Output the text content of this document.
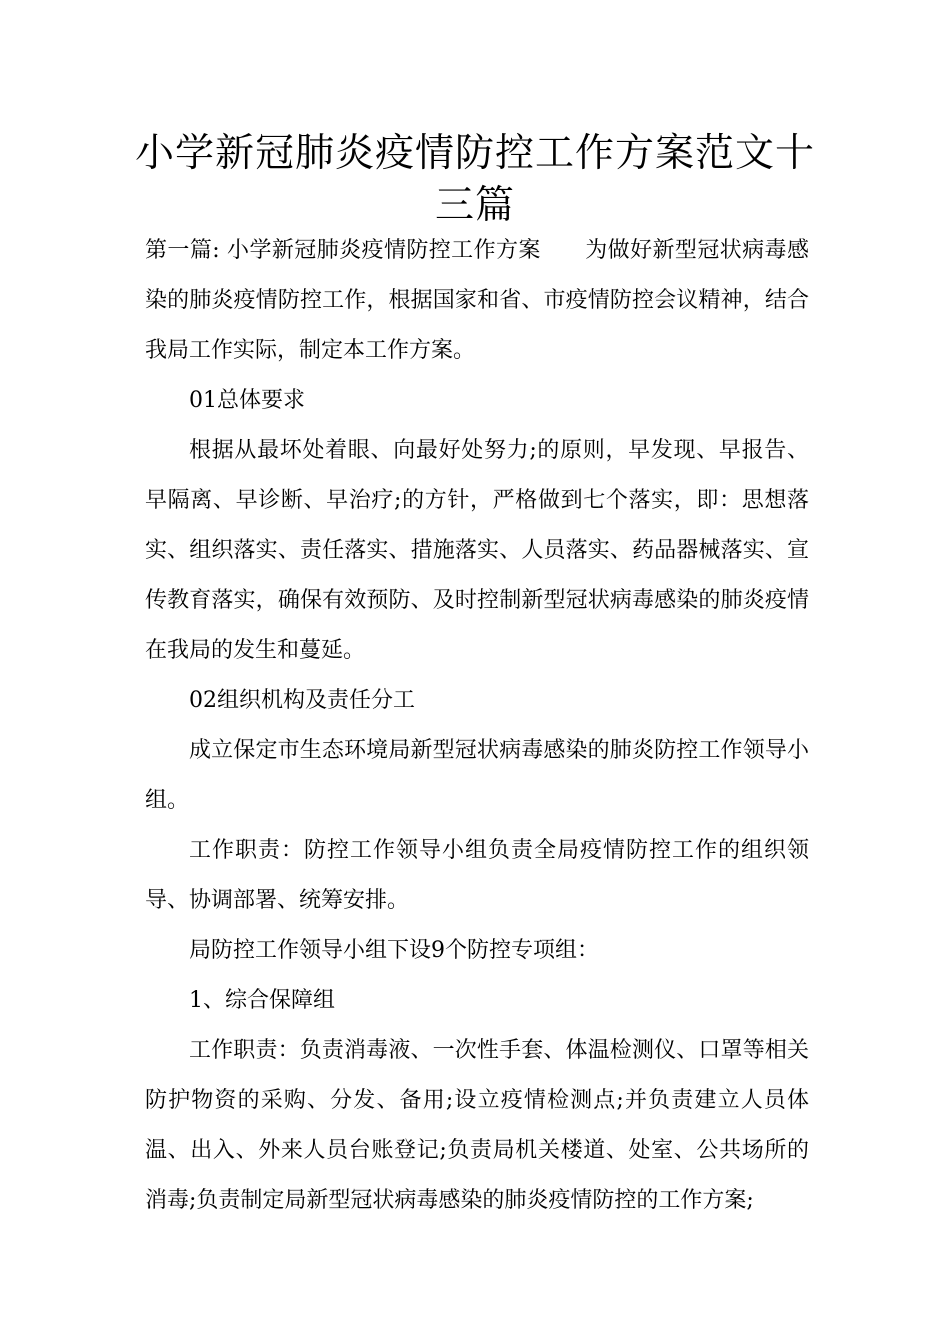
小学新冠肺炎疫情防控工作方案范文十三篇

第一篇: 小学新冠肺炎疫情防控工作方案 为做好新型冠状病毒感染的肺炎疫情防控工作，根据国家和省、市疫情防控会议精神，结合我局工作实际，制定本工作方案。

01总体要求

根据从最坏处着眼、向最好处努力;的原则，早发现、早报告、早隔离、早诊断、早治疗;的方针，严格做到七个落实，即：思想落实、组织落实、责任落实、措施落实、人员落实、药品器械落实、宣传教育落实，确保有效预防、及时控制新型冠状病毒感染的肺炎疫情在我局的发生和蔓延。

02组织机构及责任分工

成立保定市生态环境局新型冠状病毒感染的肺炎防控工作领导小组。

工作职责：防控工作领导小组负责全局疫情防控工作的组织领导、协调部署、统筹安排。

局防控工作领导小组下设9个防控专项组：

1、综合保障组

工作职责：负责消毒液、一次性手套、体温检测仪、口罩等相关防护物资的采购、分发、备用;设立疫情检测点;并负责建立人员体温、出入、外来人员台账登记;负责局机关楼道、处室、公共场所的消毒;负责制定局新型冠状病毒感染的肺炎疫情防控的工作方案;
